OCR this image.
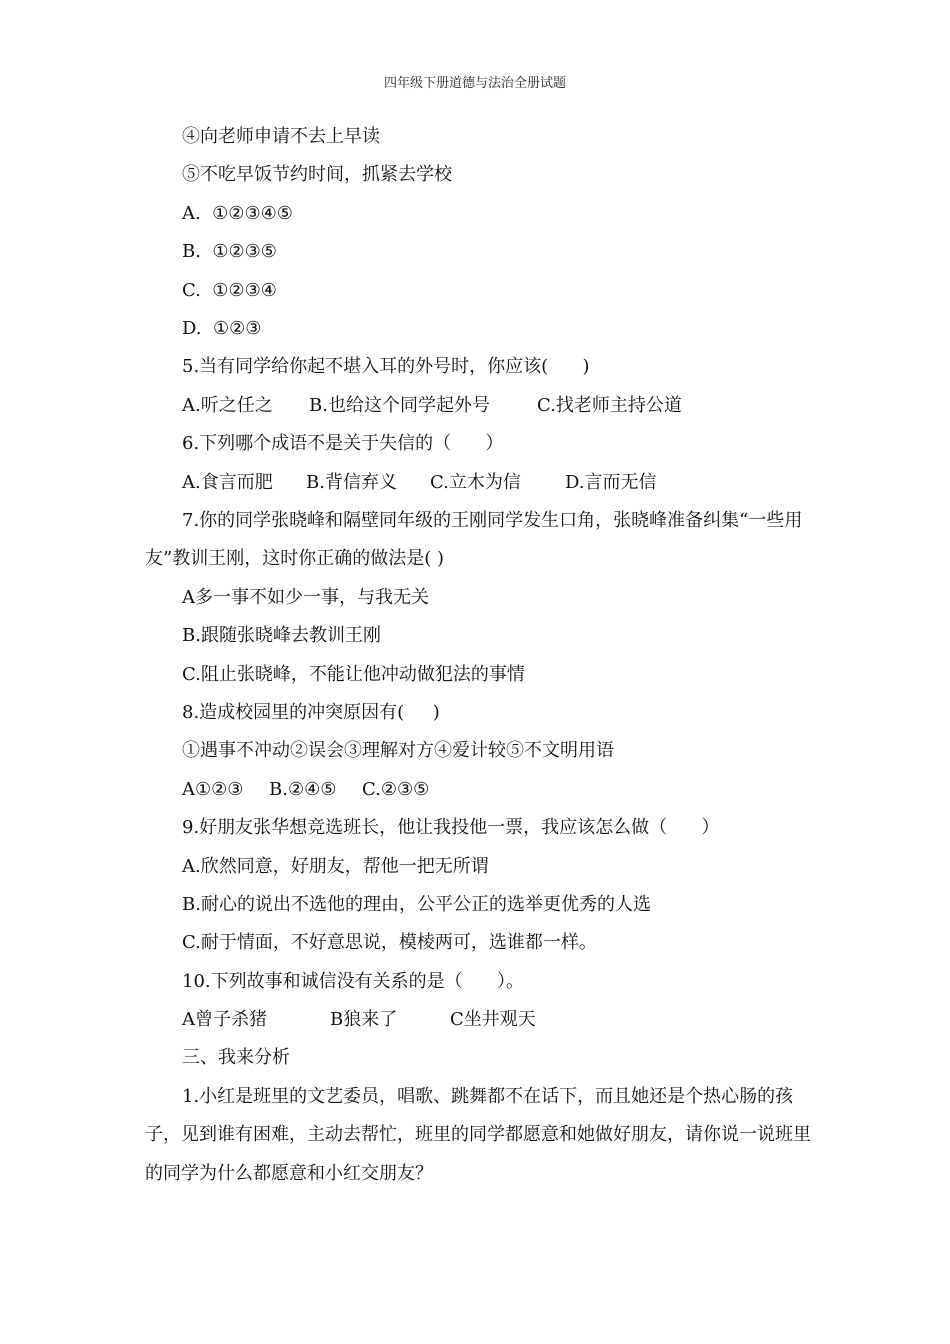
四年级下册道德与法治全册试题
④向老师申请不去上早读
⑤不吃早饭节约时间，抓紧去学校
A.  ①②③④⑤
B.  ①②③⑤
C.  ①②③④
D.  ①②③
5.当有同学给你起不堪入耳的外号时，你应该(      )
A.听之任之	B.也给这个同学起外号	C.找老师主持公道
6.下列哪个成语不是关于失信的（      ）
A.食言而肥	B.背信弃义	C.立木为信	D.言而无信
7.你的同学张晓峰和隔壁同年级的王刚同学发生口角，张晓峰准备纠集“一些用友”教训王刚，这时你正确的做法是( )
A多一事不如少一事，与我无关
B.跟随张晓峰去教训王刚
C.阻止张晓峰，不能让他冲动做犯法的事情
8.造成校园里的冲突原因有(     )
①遇事不冲动②误会③理解对方④爱计较⑤不文明用语
A①②③	B.②④⑤	C.②③⑤
9.好朋友张华想竞选班长，他让我投他一票，我应该怎么做（      ）
A.欣然同意，好朋友，帮他一把无所谓
B.耐心的说出不选他的理由，公平公正的选举更优秀的人选
C.耐于情面，不好意思说，模棱两可，选谁都一样。
10.下列故事和诚信没有关系的是（      ）。
A曾子杀猪	B狼来了	C坐井观天
三、我来分析
1.小红是班里的文艺委员，唱歌、跳舞都不在话下，而且她还是个热心肠的孩子，见到谁有困难，主动去帮忙，班里的同学都愿意和她做好朋友，请你说一说班里的同学为什么都愿意和小红交朋友？
